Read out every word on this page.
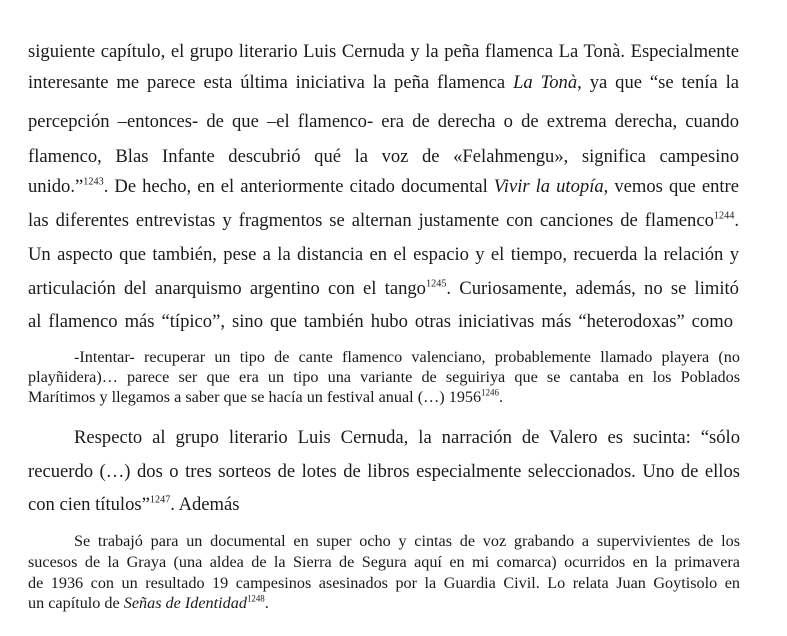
siguiente capítulo, el grupo literario Luis Cernuda y la peña flamenca La Tonà. Especialmente
interesante me parece esta última iniciativa la peña flamenca La Tonà, ya que “se tenía la
percepción –entonces- de que –el flamenco- era de derecha o de extrema derecha, cuando
flamenco, Blas Infante descubrió qué la voz de «Felahmengu», significa campesino
unido.”$^{1243}$. De hecho, en el anteriormente citado documental Vivir la utopía, vemos que entre
las diferentes entrevistas y fragmentos se alternan justamente con canciones de flamenco$^{1244}$.
Un aspecto que también, pese a la distancia en el espacio y el tiempo, recuerda la relación y
articulación del anarquismo argentino con el tango$^{1245}$. Curiosamente, además, no se limitó
al flamenco más “típico”, sino que también hubo otras iniciativas más “heterodoxas” como
-Intentar- recuperar un tipo de cante flamenco valenciano, probablemente llamado playera (no
playñidera)… parece ser que era un tipo una variante de seguiriya que se cantaba en los Poblados
Marítimos y llegamos a saber que se hacía un festival anual (…) $1956^{1246}$.
Respecto al grupo literario Luis Cernuda, la narración de Valero es sucinta: “sólo
recuerdo (…) dos o tres sorteos de lotes de libros especialmente seleccionados. Uno de ellos
con cien títulos”$^{1247}$. Además
Se trabajó para un documental en super ocho y cintas de voz grabando a supervivientes de los
sucesos de la Graya (una aldea de la Sierra de Segura aquí en mi comarca) ocurridos en la primavera
de 1936 con un resultado 19 campesinos asesinados por la Guardia Civil. Lo relata Juan Goytisolo en
un capítulo de Señas de Identidad$^{1248}$.
